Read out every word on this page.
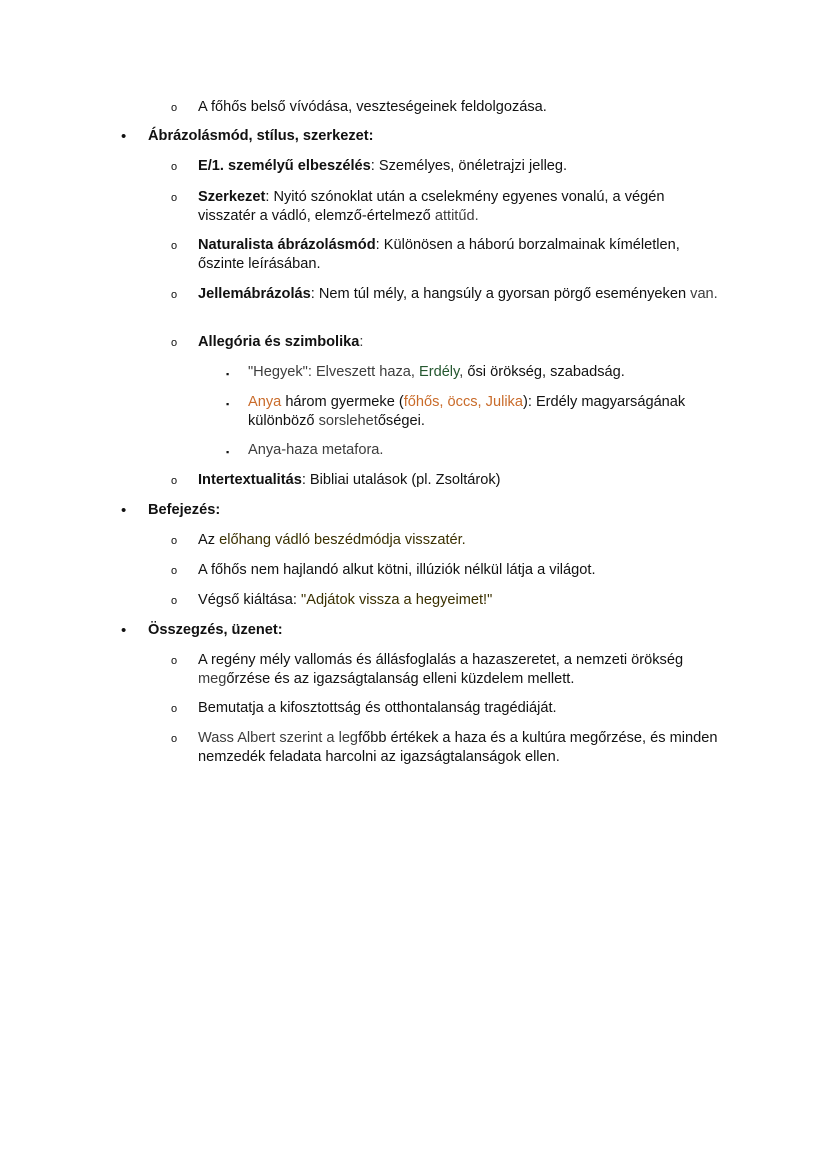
o A főhős belső vívódása, veszteségeinek feldolgozása.
• Ábrázolásmód, stílus, szerkezet:
o E/1. személyű elbeszélés: Személyes, önéletrajzi jelleg.
o Szerkezet: Nyitó szónoklat után a cselekmény egyenes vonalú, a végén visszatér a vádló, elemző-értelmező attitűd.
o Naturalista ábrázolásmód: Különösen a háború borzalmainak kíméletlen, őszinte leírásában.
o Jellemábrázolás: Nem túl mély, a hangsúly a gyorsan pörgő eseményeken van.
o Allegória és szimbolika:
▪ "Hegyek": Elveszett haza, Erdély, ősi örökség, szabadság.
▪ Anya három gyermeke (főhős, öccs, Julika): Erdély magyarságának különböző sorslehetőségei.
▪ Anya-haza metafora.
o Intertextualitás: Bibliai utalások (pl. Zsoltárok)
• Befejezés:
o Az előhang vádló beszédmódja visszatér.
o A főhős nem hajlandó alkut kötni, illúziók nélkül látja a világot.
o Végső kiáltása: "Adjátok vissza a hegyeimet!"
• Összegzés, üzenet:
o A regény mély vallomás és állásfoglalás a hazaszeretet, a nemzeti örökség megőrzése és az igazságtalanság elleni küzdelem mellett.
o Bemutatja a kifosztottság és otthontalanság tragédiáját.
o Wass Albert szerint a legfőbb értékek a haza és a kultúra megőrzése, és minden nemzedék feladata harcolni az igazságtalanságok ellen.
